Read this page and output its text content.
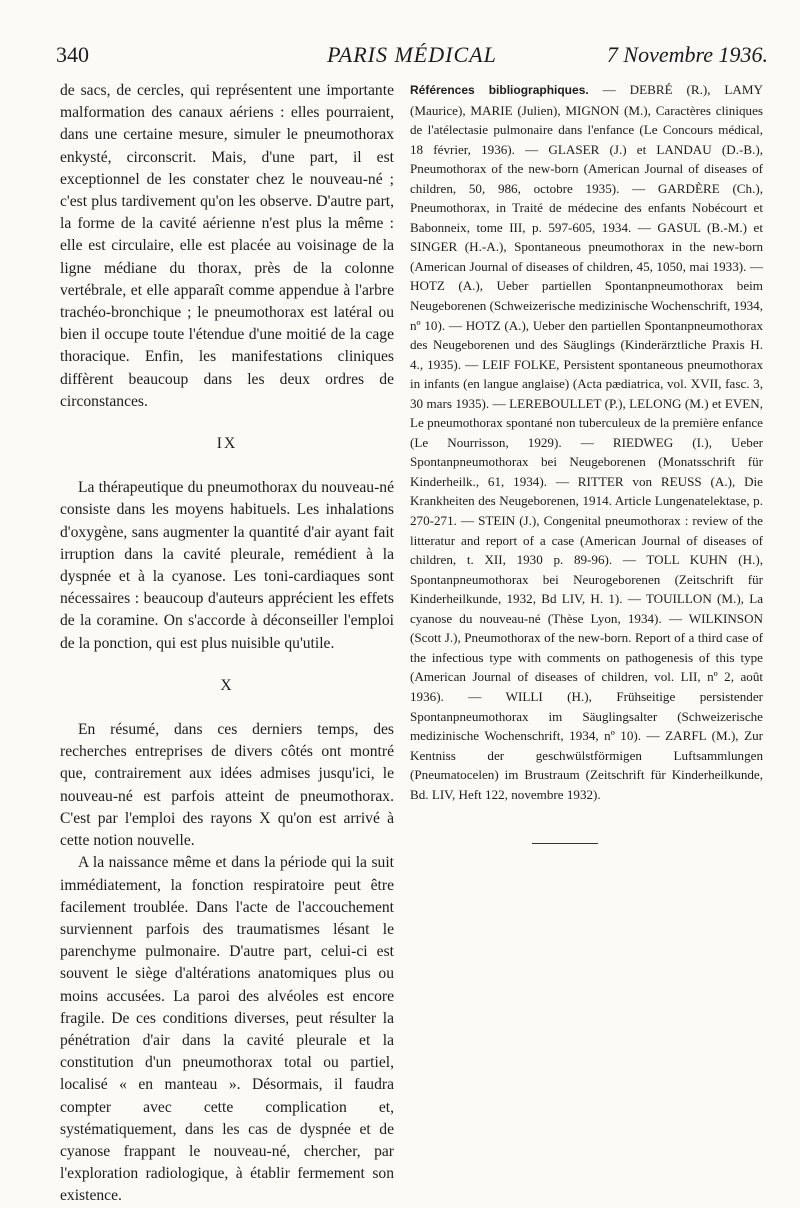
340	PARIS MÉDICAL	7 Novembre 1936.

de sacs, de cercles, qui représentent une importante malformation des canaux aériens : elles pourraient, dans une certaine mesure, simuler le pneumothorax enkysté, circonscrit. Mais, d'une part, il est exceptionnel de les constater chez le nouveau-né ; c'est plus tardivement qu'on les observe. D'autre part, la forme de la cavité aérienne n'est plus la même : elle est circulaire, elle est placée au voisinage de la ligne médiane du thorax, près de la colonne vertébrale, et elle apparaît comme appendue à l'arbre trachéo-bronchique ; le pneumothorax est latéral ou bien il occupe toute l'étendue d'une moitié de la cage thoracique. Enfin, les manifestations cliniques diffèrent beaucoup dans les deux ordres de circonstances.

IX

La thérapeutique du pneumothorax du nouveau-né consiste dans les moyens habituels. Les inhalations d'oxygène, sans augmenter la quantité d'air ayant fait irruption dans la cavité pleurale, remédient à la dyspnée et à la cyanose. Les toni-cardiaques sont nécessaires : beaucoup d'auteurs apprécient les effets de la coramine. On s'accorde à déconseiller l'emploi de la ponction, qui est plus nuisible qu'utile.

X

En résumé, dans ces derniers temps, des recherches entreprises de divers côtés ont montré que, contrairement aux idées admises jusqu'ici, le nouveau-né est parfois atteint de pneumothorax. C'est par l'emploi des rayons X qu'on est arrivé à cette notion nouvelle.

A la naissance même et dans la période qui la suit immédiatement, la fonction respiratoire peut être facilement troublée. Dans l'acte de l'accouchement surviennent parfois des traumatismes lésant le parenchyme pulmonaire. D'autre part, celui-ci est souvent le siège d'altérations anatomiques plus ou moins accusées. La paroi des alvéoles est encore fragile. De ces conditions diverses, peut résulter la pénétration d'air dans la cavité pleurale et la constitution d'un pneumothorax total ou partiel, localisé « en manteau ». Désormais, il faudra compter avec cette complication et, systématiquement, dans les cas de dyspnée et de cyanose frappant le nouveau-né, chercher, par l'exploration radiologique, à établir fermement son existence.

Références bibliographiques. — DEBRÉ (R.), LAMY (Maurice), MARIE (Julien), MIGNON (M.), Caractères cliniques de l'atélectasie pulmonaire dans l'enfance (Le Concours médical, 18 février, 1936). — GLASER (J.) et LANDAU (D.-B.), Pneumothorax of the new-born (American Journal of diseases of children, 50, 986, octobre 1935). — GARDÈRE (Ch.), Pneumothorax, in Traité de médecine des enfants Nobécourt et Babonneix, tome III, p. 597-605, 1934. — GASUL (B.-M.) et SINGER (H.-A.), Spontaneous pneumothorax in the new-born (American Journal of diseases of children, 45, 1050, mai 1933). — HOTZ (A.), Ueber partiellen Spontanpneumothorax beim Neugeborenen (Schweizerische medizinische Wochenschrift, 1934, nº 10). — HOTZ (A.), Ueber den partiellen Spontanpneumothorax des Neugeborenen und des Säuglings (Kinderärztliche Praxis H. 4., 1935). — LEIF FOLKE, Persistent spontaneous pneumothorax in infants (en langue anglaise) (Acta pædiatrica, vol. XVII, fasc. 3, 30 mars 1935). — LEREBOULLET (P.), LELONG (M.) et EVEN, Le pneumothorax spontané non tuberculeux de la première enfance (Le Nourrisson, 1929). — RIEDWEG (I.), Ueber Spontanpneumothorax bei Neugeborenen (Monatsschrift für Kinderheilk., 61, 1934). — RITTER von REUSS (A.), Die Krankheiten des Neugeborenen, 1914. Article Lungenatelektase, p. 270-271. — STEIN (J.), Congenital pneumothorax : review of the litteratur and report of a case (American Journal of diseases of children, t. XII, 1930 p. 89-96). — TOLL KUHN (H.), Spontanpneumothorax bei Neurogeborenen (Zeitschrift für Kinderheilkunde, 1932, Bd LIV, H. 1). — TOUILLON (M.), La cyanose du nouveau-né (Thèse Lyon, 1934). — WILKINSON (Scott J.), Pneumothorax of the new-born. Report of a third case of the infectious type with comments on pathogenesis of this type (American Journal of diseases of children, vol. LII, nº 2, août 1936). — WILLI (H.), Frühseitige persistender Spontanpneumothorax im Säuglingsalter (Schweizerische medizinische Wochenschrift, 1934, nº 10). — ZARFL (M.), Zur Kentniss der geschwülstförmigen Luftsammlungen (Pneumatocelen) im Brustraum (Zeitschrift für Kinderheilkunde, Bd. LIV, Heft 122, novembre 1932).
